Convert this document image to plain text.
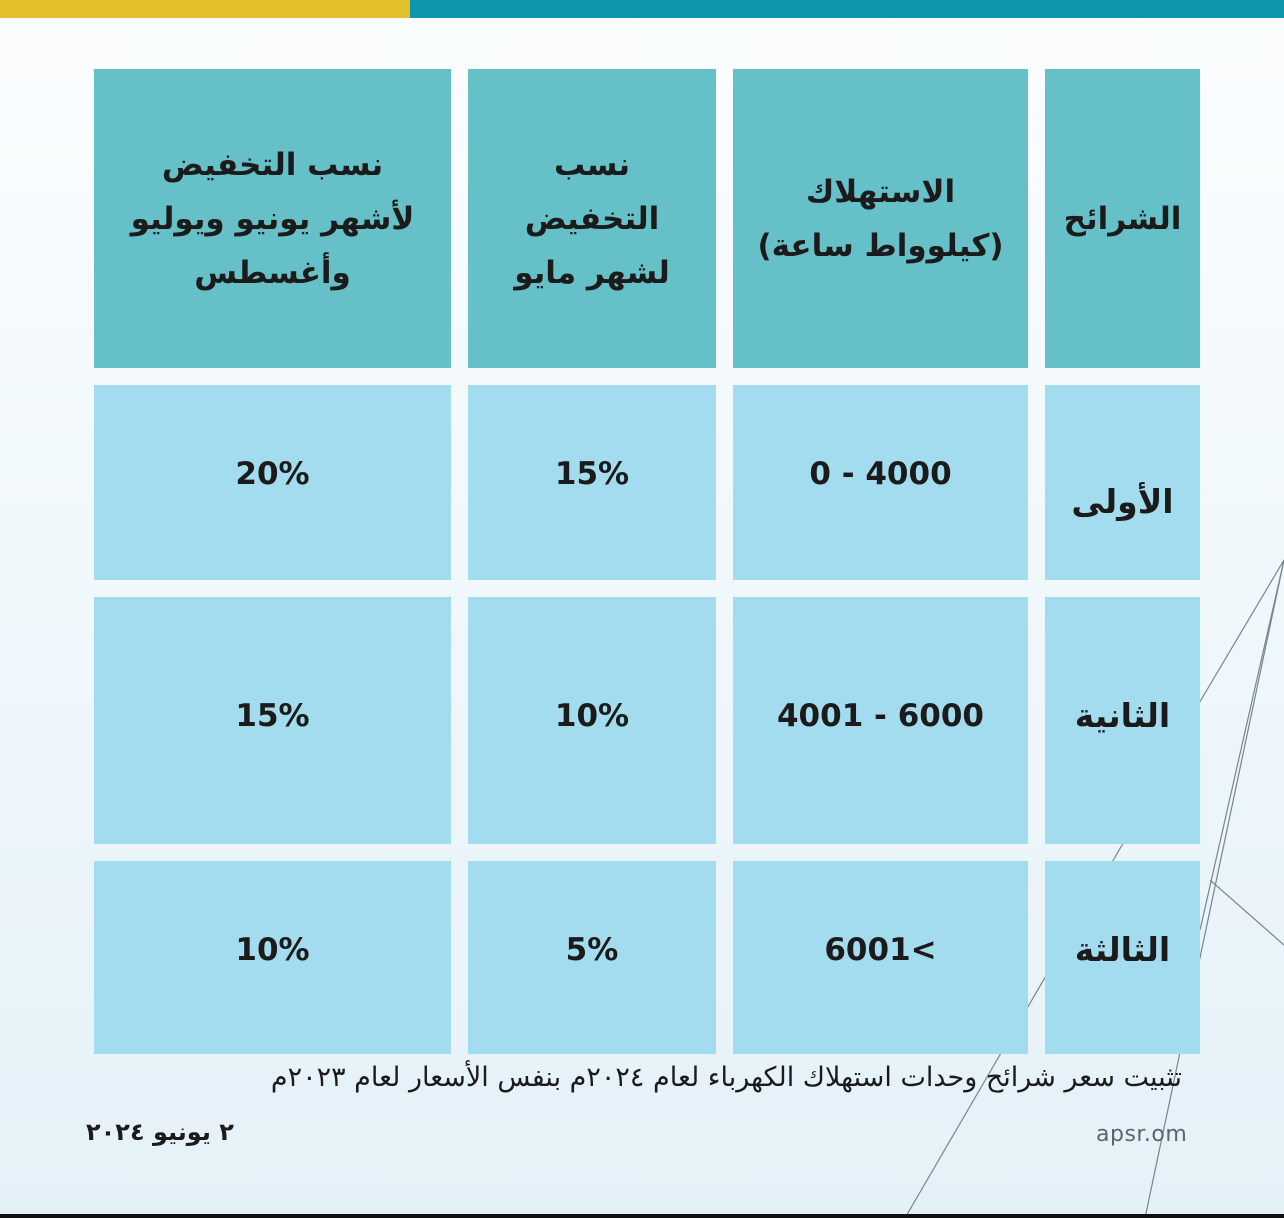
الشرائح
الاستهلاك
(كيلوواط ساعة)
نسب
التخفيض
لشهر مايو
نسب التخفيض
لأشهر يونيو ويوليو
وأغسطس
الأولى
0 - 4000
15%
20%
الثانية
4001 - 6000
10%
15%
الثالثة
6001<
5%
10%
تثبيت سعر شرائح وحدات استهلاك الكهرباء لعام ٢٠٢٤م بنفس الأسعار لعام ٢٠٢٣م
٢ يونيو ٢٠٢٤	apsr.om
